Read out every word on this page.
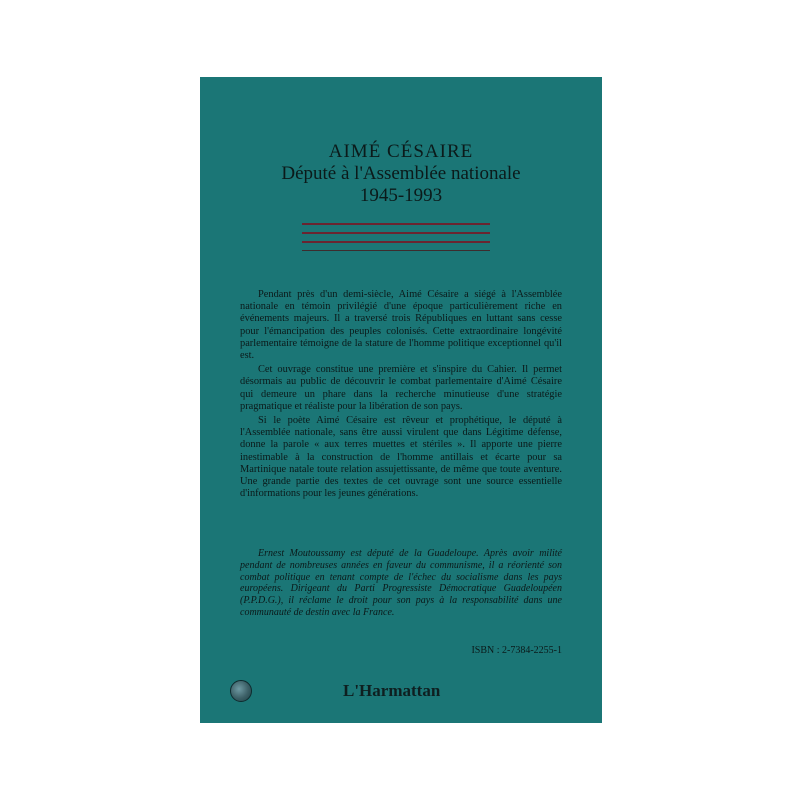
AIMÉ CÉSAIRE
Député à l'Assemblée nationale
1945-1993

Pendant près d'un demi-siècle, Aimé Césaire a siégé à l'Assemblée nationale en témoin privilégié d'une époque particulièrement riche en événements majeurs. Il a traversé trois Républiques en luttant sans cesse pour l'émancipation des peuples colonisés. Cette extraordinaire longévité parlementaire témoigne de la stature de l'homme politique exceptionnel qu'il est.

Cet ouvrage constitue une première et s'inspire du Cahier. Il permet désormais au public de découvrir le combat parlementaire d'Aimé Césaire qui demeure un phare dans la recherche minutieuse d'une stratégie pragmatique et réaliste pour la libération de son pays.

Si le poète Aimé Césaire est rêveur et prophétique, le député à l'Assemblée nationale, sans être aussi virulent que dans Légitime défense, donne la parole « aux terres muettes et stériles ». Il apporte une pierre inestimable à la construction de l'homme antillais et écarte pour sa Martinique natale toute relation assujettissante, de même que toute aventure. Une grande partie des textes de cet ouvrage sont une source essentielle d'informations pour les jeunes générations.

Ernest Moutoussamy est député de la Guadeloupe. Après avoir milité pendant de nombreuses années en faveur du communisme, il a réorienté son combat politique en tenant compte de l'échec du socialisme dans les pays européens. Dirigeant du Parti Progressiste Démocratique Guadeloupéen (P.P.D.G.), il réclame le droit pour son pays à la responsabilité dans une communauté de destin avec la France.

ISBN : 2-7384-2255-1
L'Harmattan
